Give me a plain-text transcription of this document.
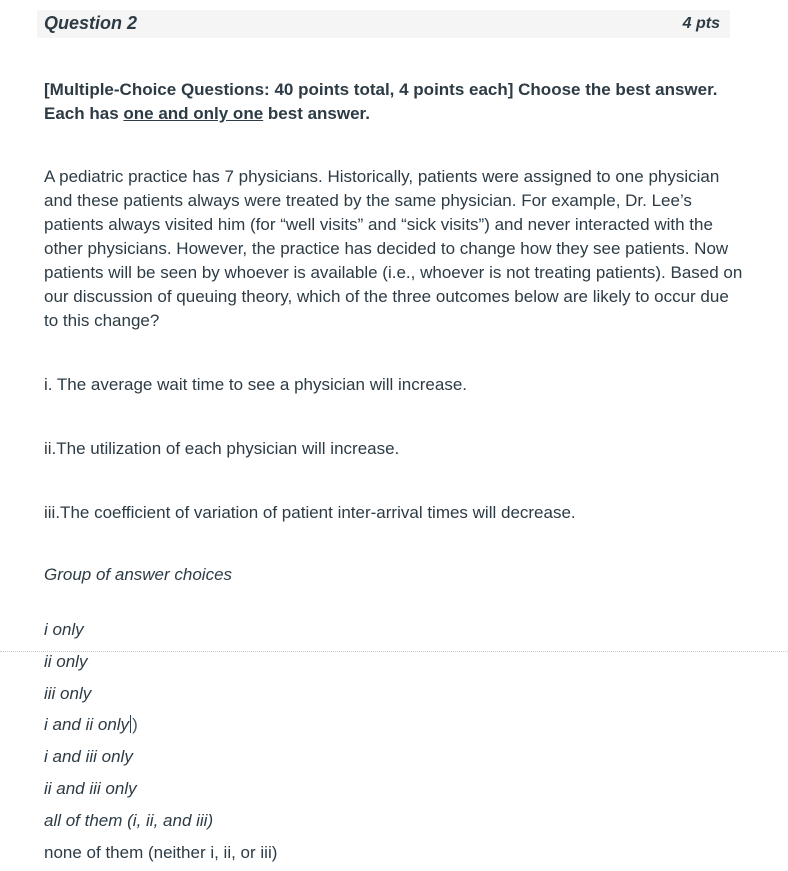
Question 2	4 pts
[Multiple-Choice Questions: 40 points total, 4 points each] Choose the best answer. Each has one and only one best answer.
A pediatric practice has 7 physicians. Historically, patients were assigned to one physician and these patients always were treated by the same physician. For example, Dr. Lee’s patients always visited him (for “well visits” and “sick visits”) and never interacted with the other physicians. However, the practice has decided to change how they see patients. Now patients will be seen by whoever is available (i.e., whoever is not treating patients). Based on our discussion of queuing theory, which of the three outcomes below are likely to occur due to this change?
i. The average wait time to see a physician will increase.
ii.The utilization of each physician will increase.
iii.The coefficient of variation of patient inter-arrival times will decrease.
Group of answer choices
i only
ii only
iii only
i and ii only )
i and iii only
ii and iii only
all of them (i, ii, and iii)
none of them (neither i, ii, or iii)
